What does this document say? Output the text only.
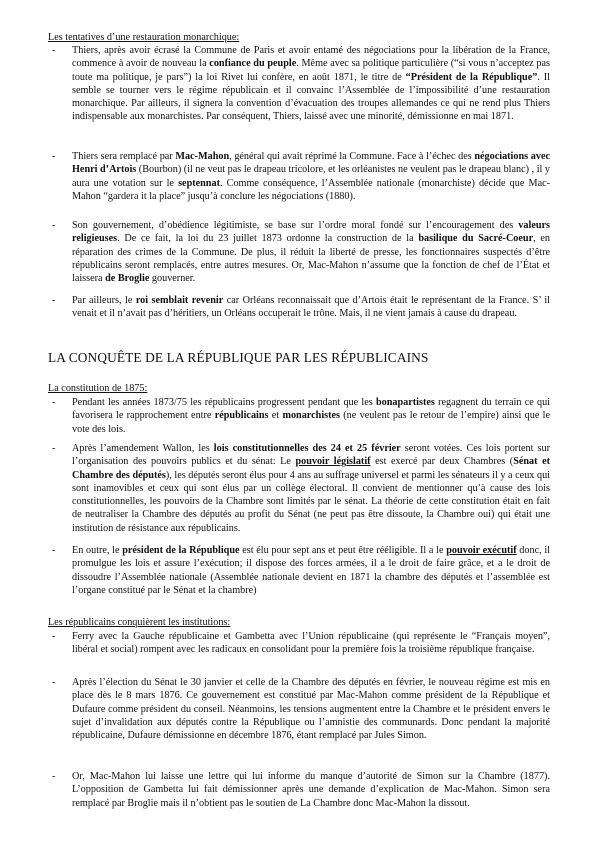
Les tentatives d’une restauration monarchique:
- Thiers, après avoir écrasé la Commune de Paris et avoir entamé des négociations pour la libération de la France, commence à avoir de nouveau la confiance du peuple. Même avec sa politique particulière (“si vous n’acceptez pas toute ma politique, je pars”) la loi Rivet lui confère, en août 1871, le titre de “Président de la République”. Il semble se tourner vers le régime républicain et il convainc l’Assemblée de l’impossibilité d’une restauration monarchique. Par ailleurs, il signera la convention d’évacuation des troupes allemandes ce qui ne rend plus Thiers indispensable aux monarchistes. Par conséquent, Thiers, laissé avec une minorité, démissionne en mai 1871.
- Thiers sera remplacé par Mac-Mahon, général qui avait réprimé la Commune. Face à l’échec des négociations avec Henri d’Artois (Bourbon) (il ne veut pas le drapeau tricolore, et les orléanistes ne veulent pas le drapeau blanc) , il y aura une votation sur le septennat. Comme conséquence, l’Assemblée nationale (monarchiste) décide que Mac-Mahon “gardera it la place” jusqu’à conclure les négociations (1880).
- Son gouvernement, d’obédience légitimiste, se base sur l’ordre moral fondé sur l’encouragement des valeurs religieuses. De ce fait, la loi du 23 juillet 1873 ordonne la construction de la basilique du Sacré-Coeur, en réparation des crimes de la Commune. De plus, il réduit la liberté de presse, les fonctionnaires suspectés d’être républicains seront remplacés, entre autres mesures. Or, Mac-Mahon n’assume que la fonction de chef de l’État et laissera de Broglie gouverner.
- Par ailleurs, le roi semblait revenir car Orléans reconnaissait que d’Artois était le représentant de la France. S’ il venait et il n’avait pas d’héritiers, un Orléans occuperait le trône. Mais, il ne vient jamais à cause du drapeau.
LA CONQUÊTE DE LA RÉPUBLIQUE PAR LES RÉPUBLICAINS
La constitution de 1875:
- Pendant les années 1873/75 les républicains progressent pendant que les bonapartistes regagnent du terrain ce qui favorisera le rapprochement entre républicains et monarchistes (ne veulent pas le retour de l’empire) ainsi que le vote des lois.
- Après l’amendement Wallon, les lois constitutionnelles des 24 et 25 février seront votées. Ces lois portent sur l’organisation des pouvoirs publics et du sénat: Le pouvoir législatif est exercé par deux Chambres (Sénat et Chambre des députés), les députés seront élus pour 4 ans au suffrage universel et parmi les sénateurs il y a ceux qui sont inamovibles et ceux qui sont élus par un collège électoral. Il convient de mentionner qu’à cause des lois constitutionnelles, les pouvoirs de la Chambre sont limités par le sénat. La théorie de cette constitution était en fait de neutraliser la Chambre des députés au profit du Sénat (ne peut pas être dissoute, la Chambre oui) qui était une institution de résistance aux républicains.
- En outre, le président de la République est élu pour sept ans et peut être rééligible. Il a le pouvoir exécutif donc, il promulgue les lois et assure l’exécution; il dispose des forces armées, il a le droit de faire grâce, et a le droit de dissoudre l’Assemblée nationale (Assemblée nationale devient en 1871 la chambre des députés et l’assemblée est l’organe constitué par le Sénat et la chambre)
Les républicains conquièrent les institutions:
- Ferry avec la Gauche républicaine et Gambetta avec l’Union républicaine (qui représente le “Français moyen”, libéral et social) rompent avec les radicaux en consolidant pour la première fois la troisième république française.
- Après l’élection du Sénat le 30 janvier et celle de la Chambre des députés en février, le nouveau régime est mis en place dès le 8 mars 1876. Ce gouvernement est constitué par Mac-Mahon comme président de la République et Dufaure comme président du conseil. Néanmoins, les tensions augmentent entre la Chambre et le président envers le sujet d’invalidation aux députés contre la République ou l’amnistie des communards. Donc pendant la majorité républicaine, Dufaure démissionne en décembre 1876, étant remplacé par Jules Simon.
- Or, Mac-Mahon lui laisse une lettre qui lui informe du manque d’autorité de Simon sur la Chambre (1877). L’opposition de Gambetta lui fait démissionner après une demande d’explication de Mac-Mahon. Simon sera remplacé par Broglie mais il n’obtient pas le soutien de La Chambre donc Mac-Mahon la dissout.
